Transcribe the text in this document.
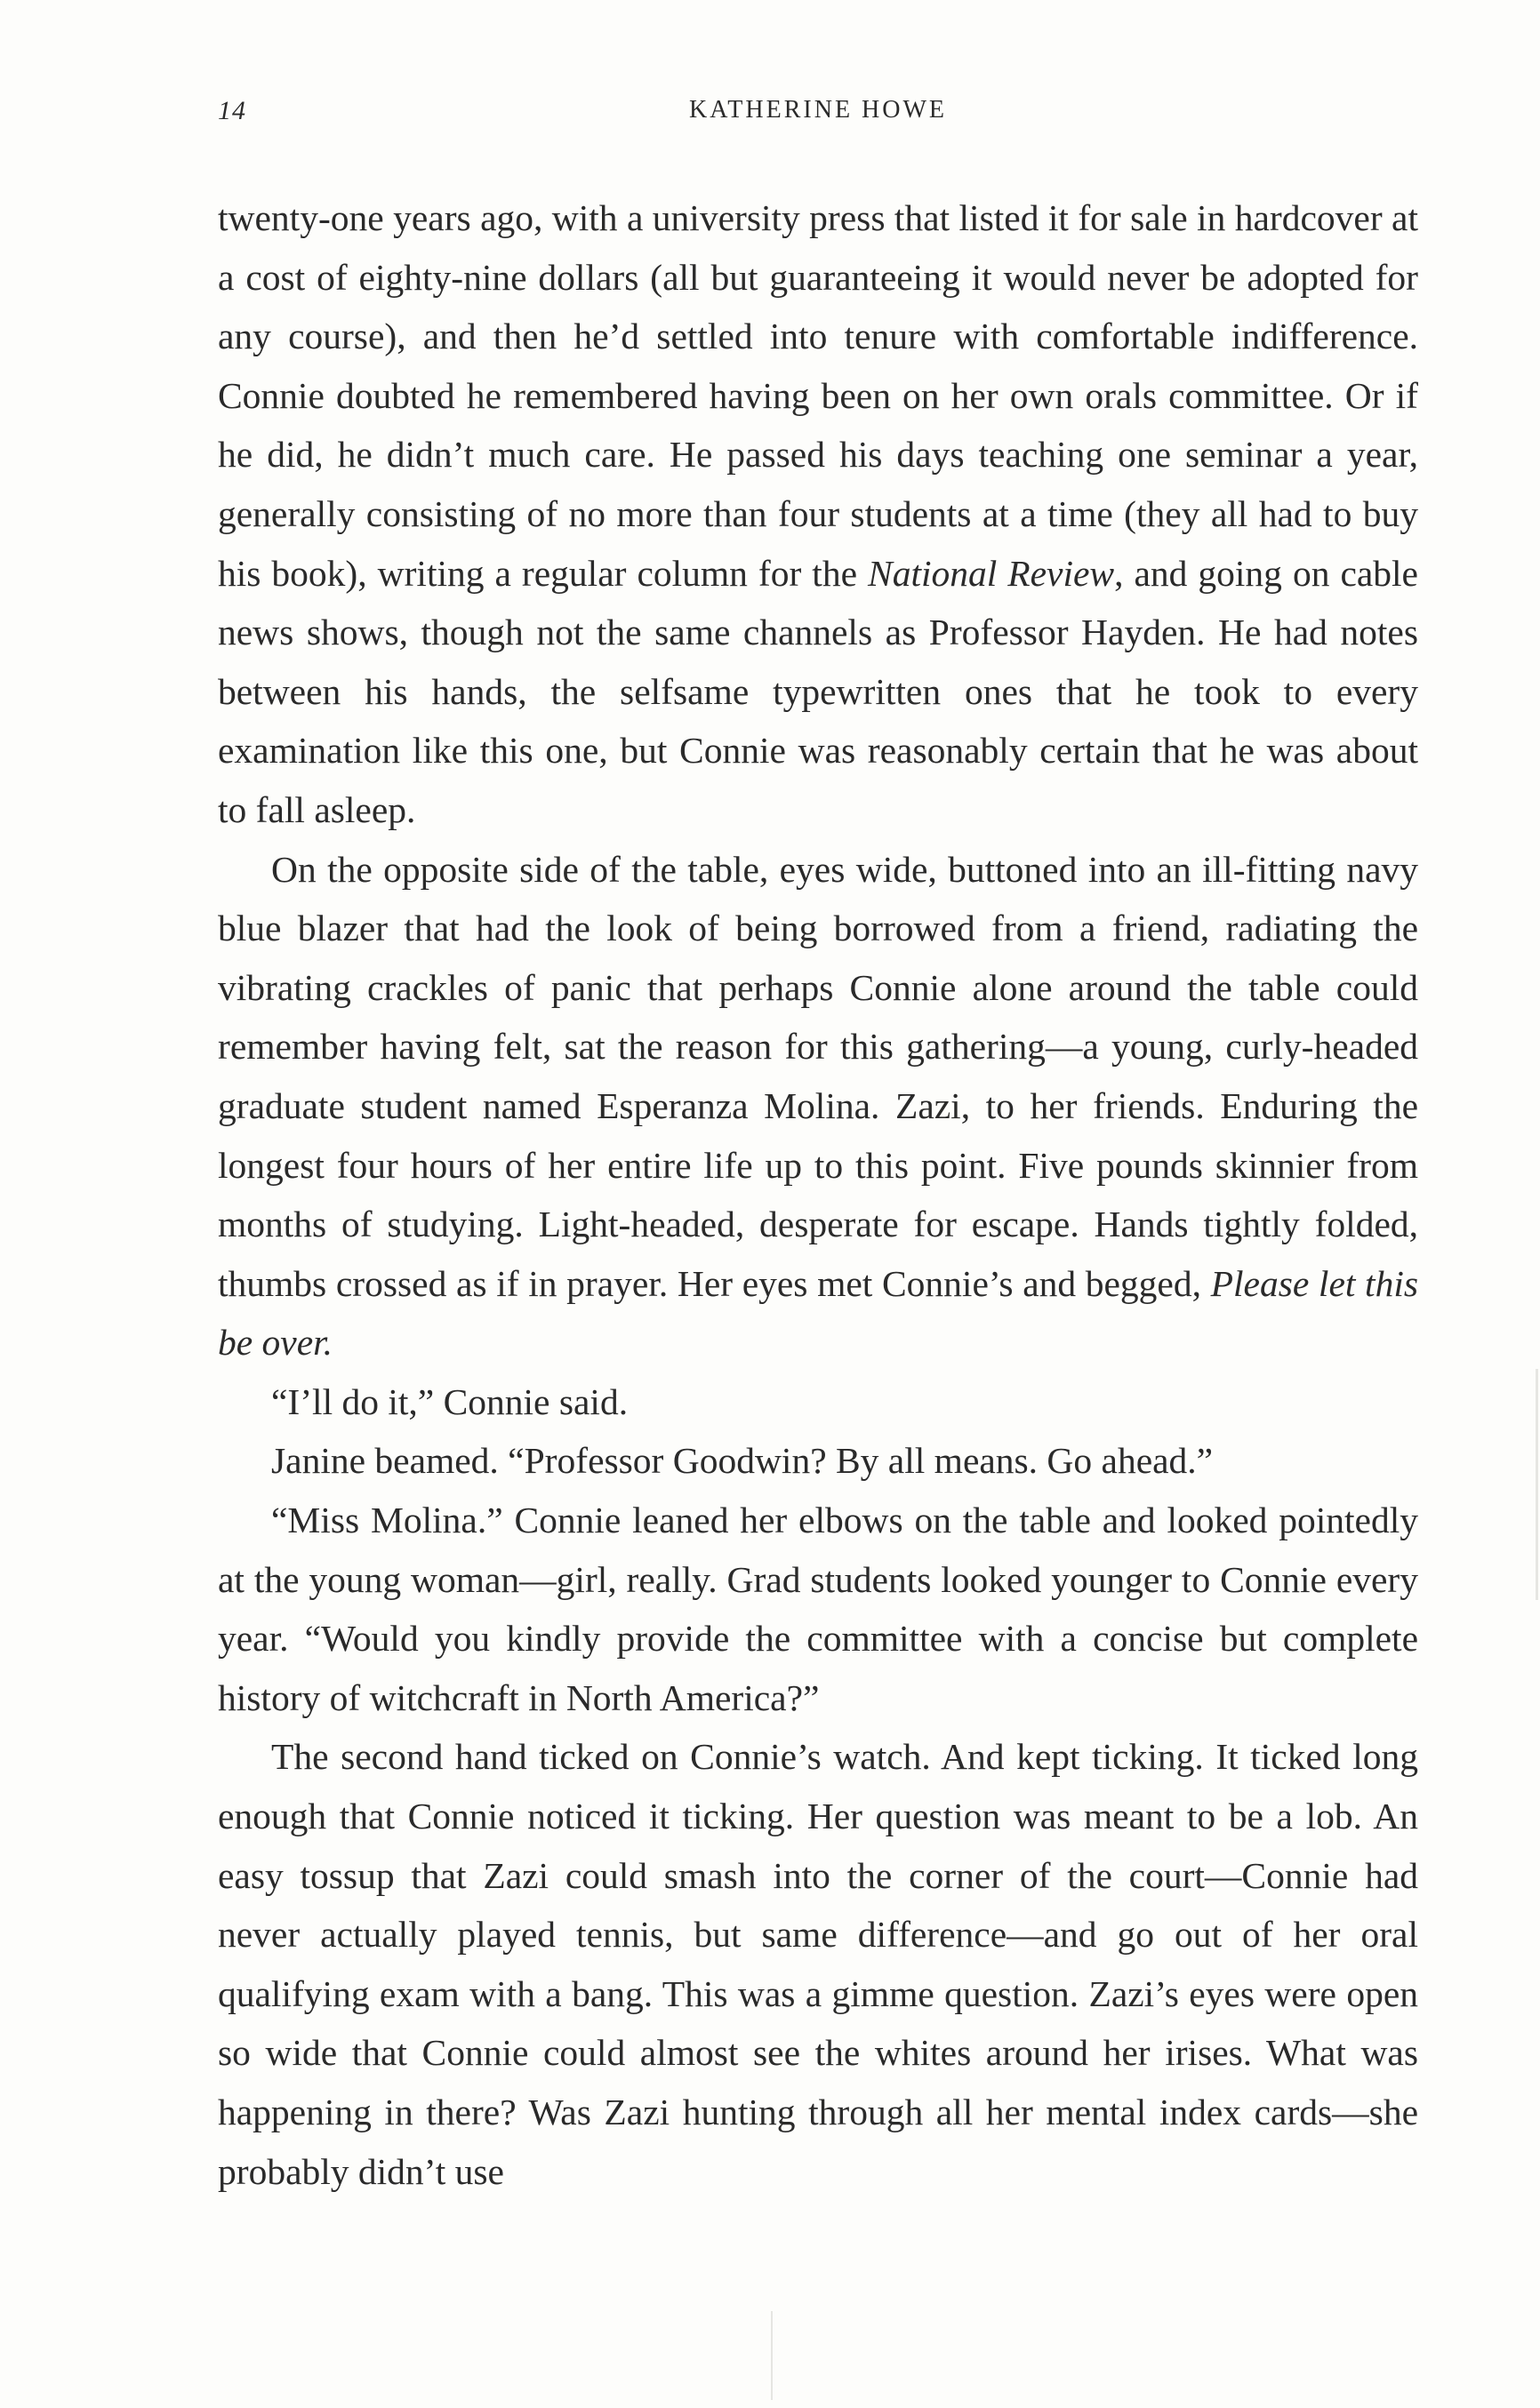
14	KATHERINE HOWE

twenty-one years ago, with a university press that listed it for sale in hardcover at a cost of eighty-nine dollars (all but guaranteeing it would never be adopted for any course), and then he’d settled into tenure with comfortable indifference. Connie doubted he remembered having been on her own orals committee. Or if he did, he didn’t much care. He passed his days teaching one seminar a year, generally consisting of no more than four students at a time (they all had to buy his book), writing a regular column for the National Review, and going on cable news shows, though not the same channels as Professor Hayden. He had notes between his hands, the selfsame typewritten ones that he took to every examination like this one, but Connie was reasonably certain that he was about to fall asleep.

On the opposite side of the table, eyes wide, buttoned into an ill-fitting navy blue blazer that had the look of being borrowed from a friend, radiating the vibrating crackles of panic that perhaps Connie alone around the table could remember having felt, sat the reason for this gathering—a young, curly-headed graduate student named Esperanza Molina. Zazi, to her friends. Enduring the longest four hours of her entire life up to this point. Five pounds skinnier from months of studying. Light-headed, desperate for escape. Hands tightly folded, thumbs crossed as if in prayer. Her eyes met Connie’s and begged, Please let this be over.

“I’ll do it,” Connie said.

Janine beamed. “Professor Goodwin? By all means. Go ahead.”

“Miss Molina.” Connie leaned her elbows on the table and looked pointedly at the young woman—girl, really. Grad students looked younger to Connie every year. “Would you kindly provide the committee with a concise but complete history of witchcraft in North America?”

The second hand ticked on Connie’s watch. And kept ticking. It ticked long enough that Connie noticed it ticking. Her question was meant to be a lob. An easy tossup that Zazi could smash into the corner of the court—Connie had never actually played tennis, but same difference—and go out of her oral qualifying exam with a bang. This was a gimme question. Zazi’s eyes were open so wide that Connie could almost see the whites around her irises. What was happening in there? Was Zazi hunting through all her mental index cards—she probably didn’t use
